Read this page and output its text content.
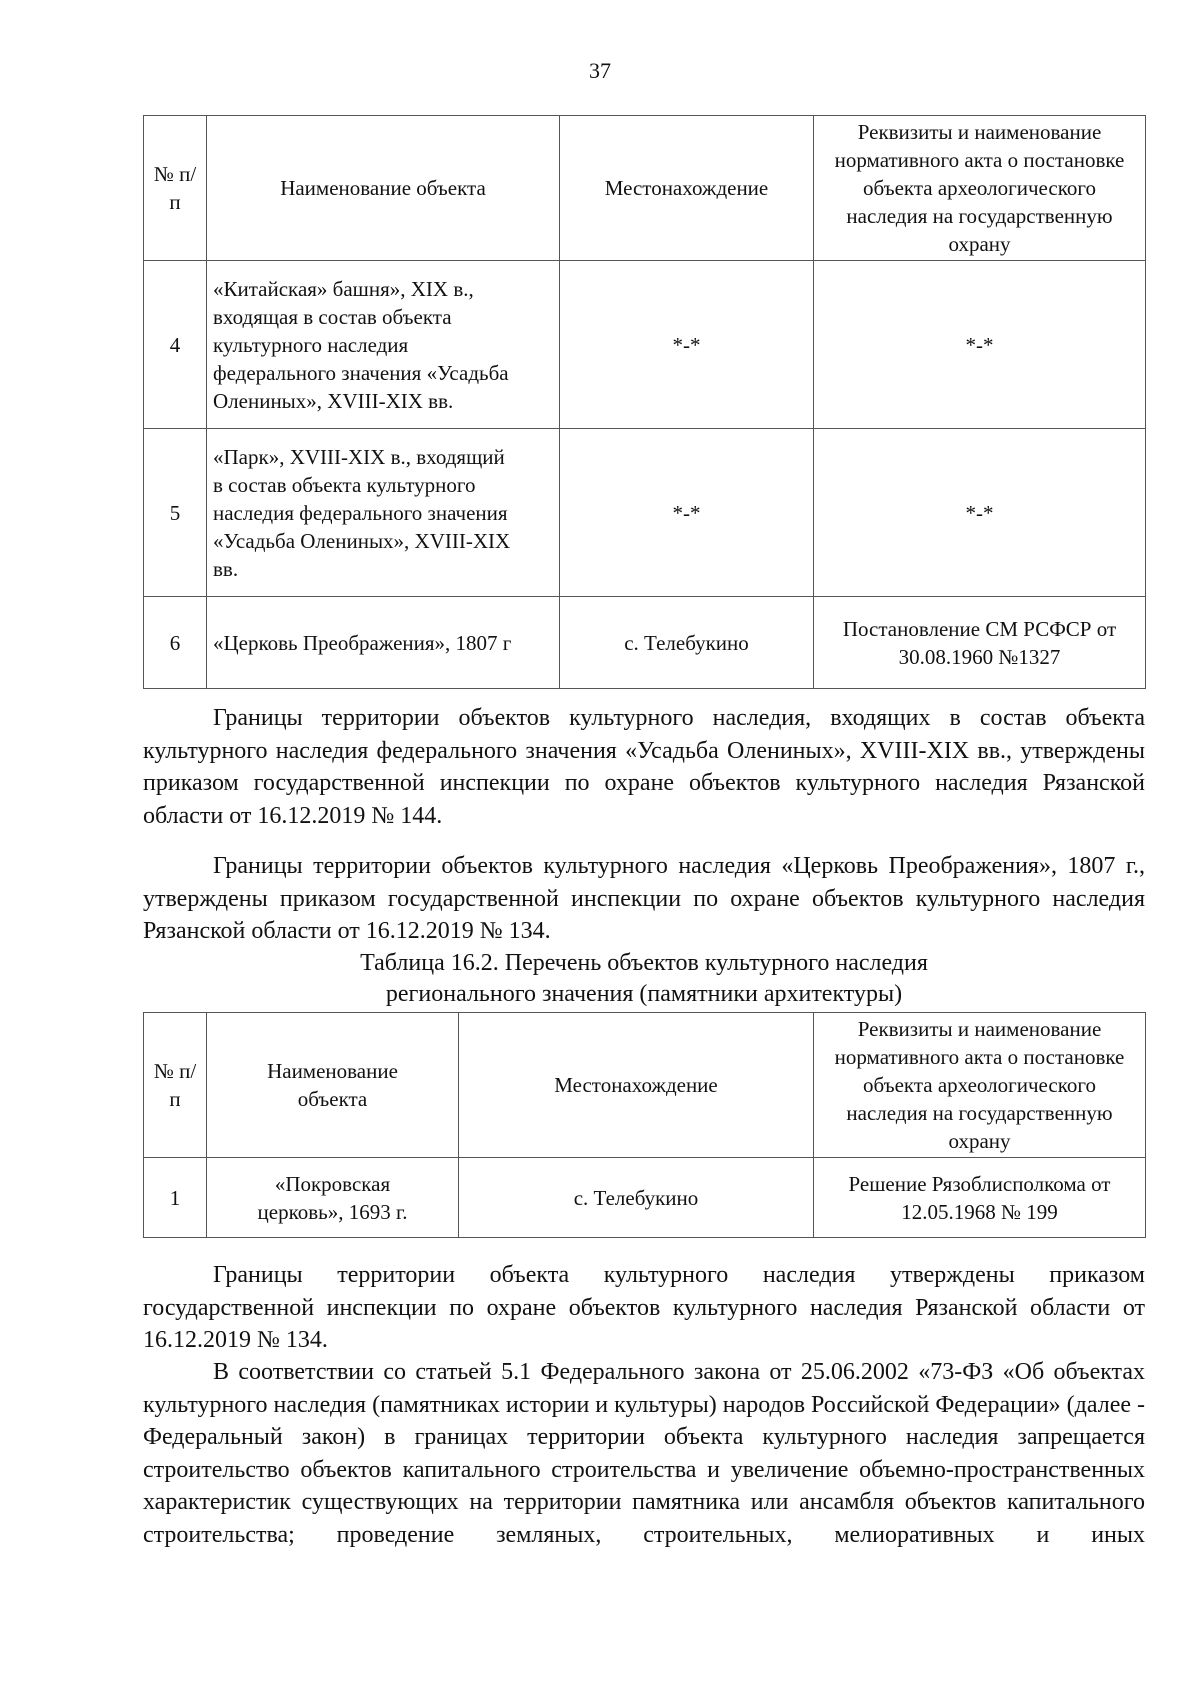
37
№ п/п	Наименование объекта	Местонахождение	Реквизиты и наименование нормативного акта о постановке объекта археологического наследия на государственную охрану
4	«Китайская» башня», XIX в., входящая в состав объекта культурного наследия федерального значения «Усадьба Олениных», XVIII-XIX вв.	*-*	*-*
5	«Парк», XVIII-XIX в., входящий в состав объекта культурного наследия федерального значения «Усадьба Олениных», XVIII-XIX вв.	*-*	*-*
6	«Церковь Преображения», 1807 г	с. Телебукино	Постановление СМ РСФСР от 30.08.1960 №1327

Границы территории объектов культурного наследия, входящих в состав объекта культурного наследия федерального значения «Усадьба Олениных», XVIII-XIX вв., утверждены приказом государственной инспекции по охране объектов культурного наследия Рязанской области от 16.12.2019 № 144.

Границы территории объектов культурного наследия «Церковь Преображения», 1807 г., утверждены приказом государственной инспекции по охране объектов культурного наследия Рязанской области от 16.12.2019 № 134.

Таблица 16.2. Перечень объектов культурного наследия
регионального значения (памятники архитектуры)
№ п/п	Наименование объекта	Местонахождение	Реквизиты и наименование нормативного акта о постановке объекта археологического наследия на государственную охрану
1	«Покровская церковь», 1693 г.	с. Телебукино	Решение Рязоблисполкома от 12.05.1968 № 199

Границы территории объекта культурного наследия утверждены приказом государственной инспекции по охране объектов культурного наследия Рязанской области от 16.12.2019 № 134.

В соответствии со статьей 5.1 Федерального закона от 25.06.2002 «73-ФЗ «Об объектах культурного наследия (памятниках истории и культуры) народов Российской Федерации» (далее - Федеральный закон) в границах территории объекта культурного наследия запрещается строительство объектов капитального строительства и увеличение объемно-пространственных характеристик существующих на территории памятника или ансамбля объектов капитального строительства; проведение земляных, строительных, мелиоративных и иных
